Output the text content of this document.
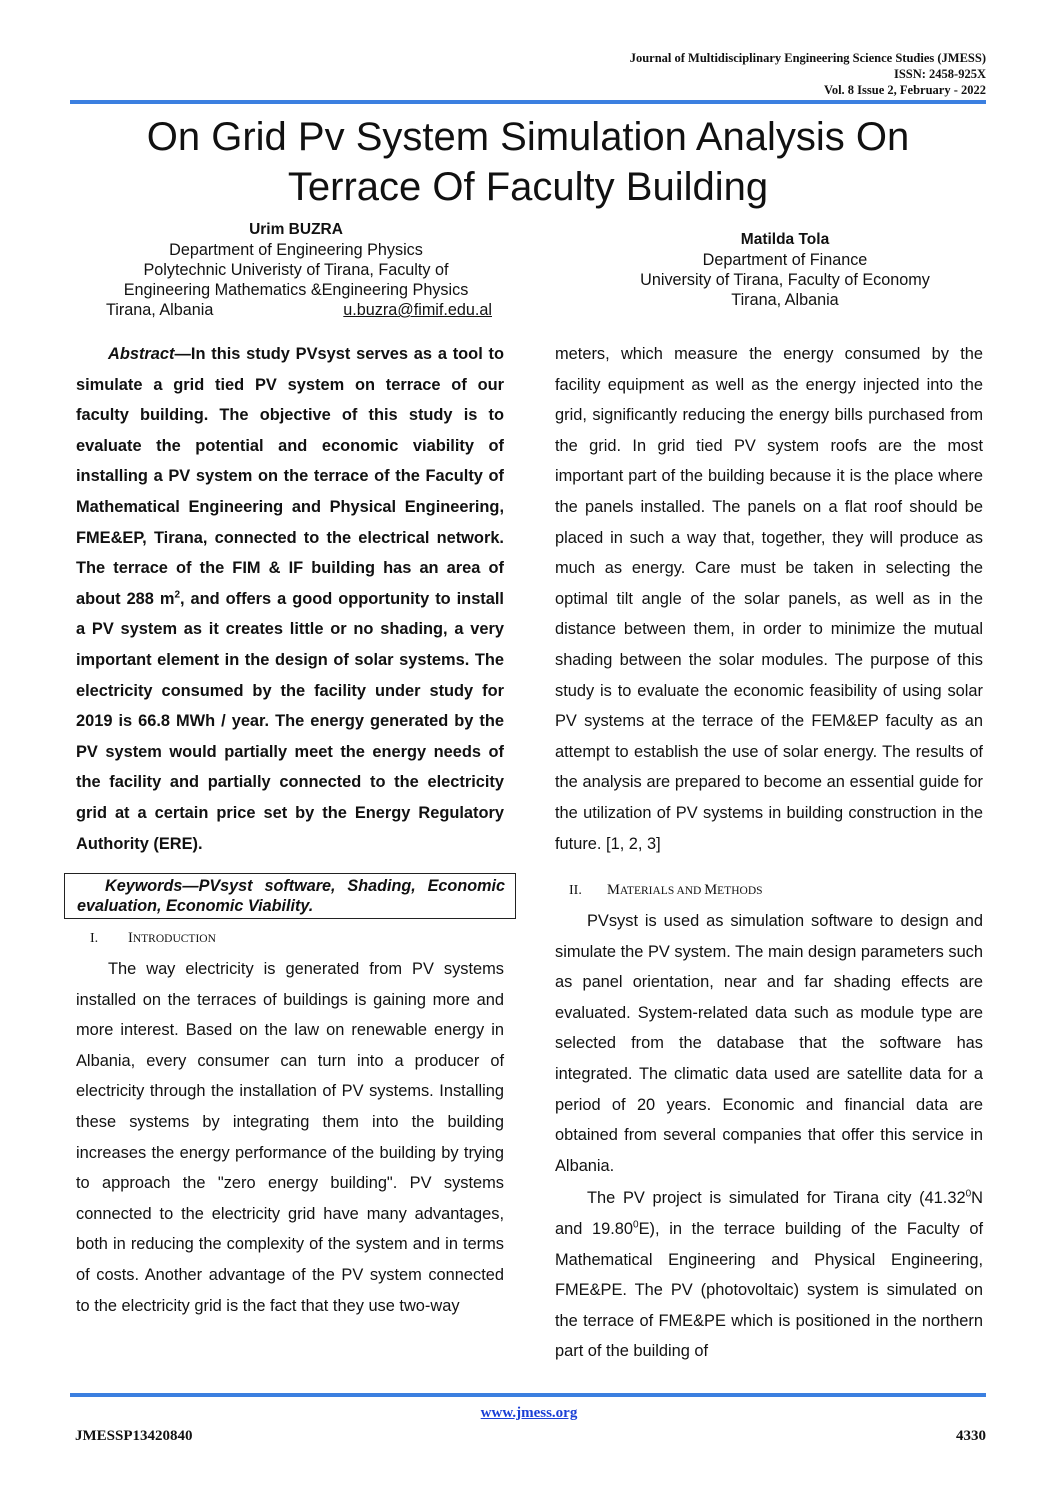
Journal of Multidisciplinary Engineering Science Studies (JMESS)
ISSN: 2458-925X
Vol. 8 Issue 2, February - 2022
On Grid Pv System Simulation Analysis On
Terrace Of Faculty Building
Urim BUZRA
Department of Engineering Physics
Polytechnic Univeristy of Tirana, Faculty of
Engineering Mathematics &Engineering Physics
Tirana, Albania	u.buzra@fimif.edu.al
Matilda Tola
Department of Finance
University of Tirana, Faculty of Economy
Tirana, Albania

Abstract—In this study PVsyst serves as a tool to simulate a grid tied PV system on terrace of our faculty building. The objective of this study is to evaluate the potential and economic viability of installing a PV system on the terrace of the Faculty of Mathematical Engineering and Physical Engineering, FME&EP, Tirana, connected to the electrical network. The terrace of the FIM & IF building has an area of about 288 $m^2$, and offers a good opportunity to install a PV system as it creates little or no shading, a very important element in the design of solar systems. The electricity consumed by the facility under study for 2019 is 66.8 MWh / year. The energy generated by the PV system would partially meet the energy needs of the facility and partially connected to the electricity grid at a certain price set by the Energy Regulatory Authority (ERE).

Keywords—PVsyst software, Shading, Economic evaluation, Economic Viability.

I. INTRODUCTION

The way electricity is generated from PV systems installed on the terraces of buildings is gaining more and more interest. Based on the law on renewable energy in Albania, every consumer can turn into a producer of electricity through the installation of PV systems. Installing these systems by integrating them into the building increases the energy performance of the building by trying to approach the "zero energy building". PV systems connected to the electricity grid have many advantages, both in reducing the complexity of the system and in terms of costs. Another advantage of the PV system connected to the electricity grid is the fact that they use two-way

meters, which measure the energy consumed by the facility equipment as well as the energy injected into the grid, significantly reducing the energy bills purchased from the grid. In grid tied PV system roofs are the most important part of the building because it is the place where the panels installed. The panels on a flat roof should be placed in such a way that, together, they will produce as much as energy. Care must be taken in selecting the optimal tilt angle of the solar panels, as well as in the distance between them, in order to minimize the mutual shading between the solar modules. The purpose of this study is to evaluate the economic feasibility of using solar PV systems at the terrace of the FEM&EP faculty as an attempt to establish the use of solar energy. The results of the analysis are prepared to become an essential guide for the utilization of PV systems in building construction in the future. [1, 2, 3]

II. MATERIALS AND METHODS

PVsyst is used as simulation software to design and simulate the PV system. The main design parameters such as panel orientation, near and far shading effects are evaluated. System-related data such as module type are selected from the database that the software has integrated. The climatic data used are satellite data for a period of 20 years. Economic and financial data are obtained from several companies that offer this service in Albania.

The PV project is simulated for Tirana city (41.32$^0$N and 19.80$^0$E), in the terrace building of the Faculty of Mathematical Engineering and Physical Engineering, FME&PE. The PV (photovoltaic) system is simulated on the terrace of FME&PE which is positioned in the northern part of the building of

www.jmess.org
JMESSP13420840	4330
